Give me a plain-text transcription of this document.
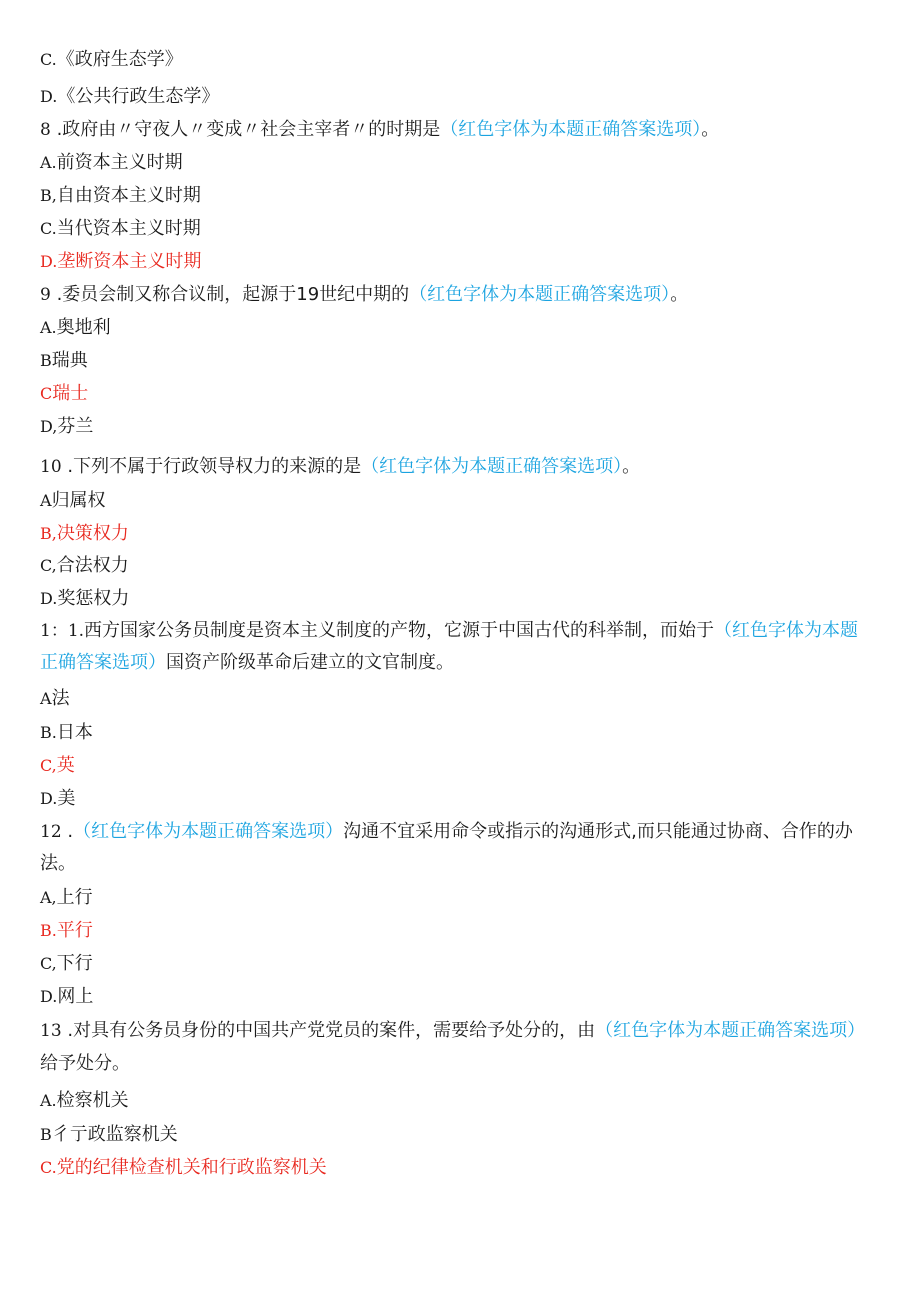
C.《政府生态学》
D.《公共行政生态学》
8 .政府由〃守夜人〃变成〃社会主宰者〃的时期是（红色字体为本题正确答案选项）。
A.前资本主义时期
B,自由资本主义时期
C.当代资本主义时期
D.垄断资本主义时期
9 .委员会制又称合议制，起源于19世纪中期的（红色字体为本题正确答案选项）。
A.奥地利
B瑞典
C瑞士
D,芬兰
10 .下列不属于行政领导权力的来源的是（红色字体为本题正确答案选项）。
A归属权
B,决策权力
C,合法权力
D.奖惩权力
1：1.西方国家公务员制度是资本主义制度的产物，它源于中国古代的科举制，而始于（红色字体为本题
正确答案选项）国资产阶级革命后建立的文官制度。
A法
B.日本
C,英
D.美
12 .（红色字体为本题正确答案选项）沟通不宜采用命令或指示的沟通形式,而只能通过协商、合作的办
法。
A,上行
B.平行
C,下行
D.网上
13 .对具有公务员身份的中国共产党党员的案件，需要给予处分的，由（红色字体为本题正确答案选项）
给予处分。
A.检察机关
B彳亍政监察机关
C.党的纪律检查机关和行政监察机关
